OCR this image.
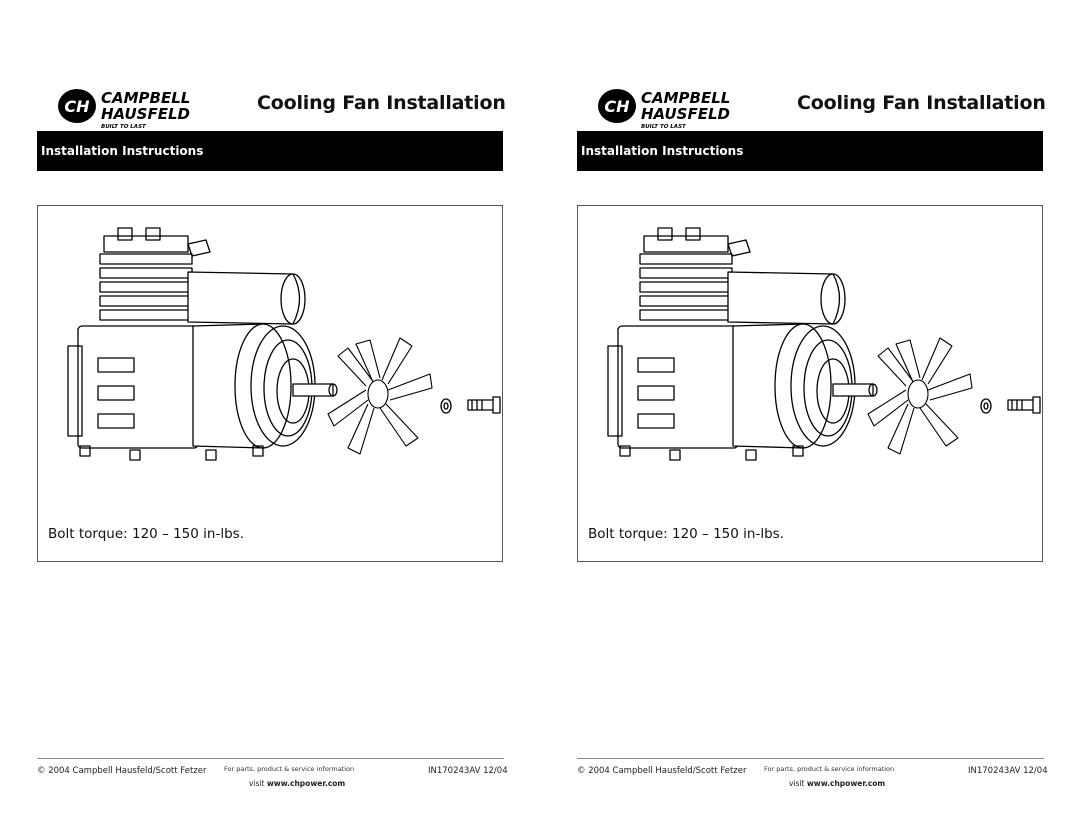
CH CAMPBELL
HAUSFELD
BUILT TO LAST
Cooling Fan Installation
Installation Instructions
Bolt torque: 120 – 150 in-lbs.
© 2004 Campbell Hausfeld/Scott Fetzer	For parts, product & service information
visit www.chpower.com
IN170243AV 12/04
CH CAMPBELL
HAUSFELD
BUILT TO LAST
Cooling Fan Installation
Installation Instructions
Bolt torque: 120 – 150 in-lbs.
© 2004 Campbell Hausfeld/Scott Fetzer	For parts, product & service information
visit www.chpower.com
IN170243AV 12/04
